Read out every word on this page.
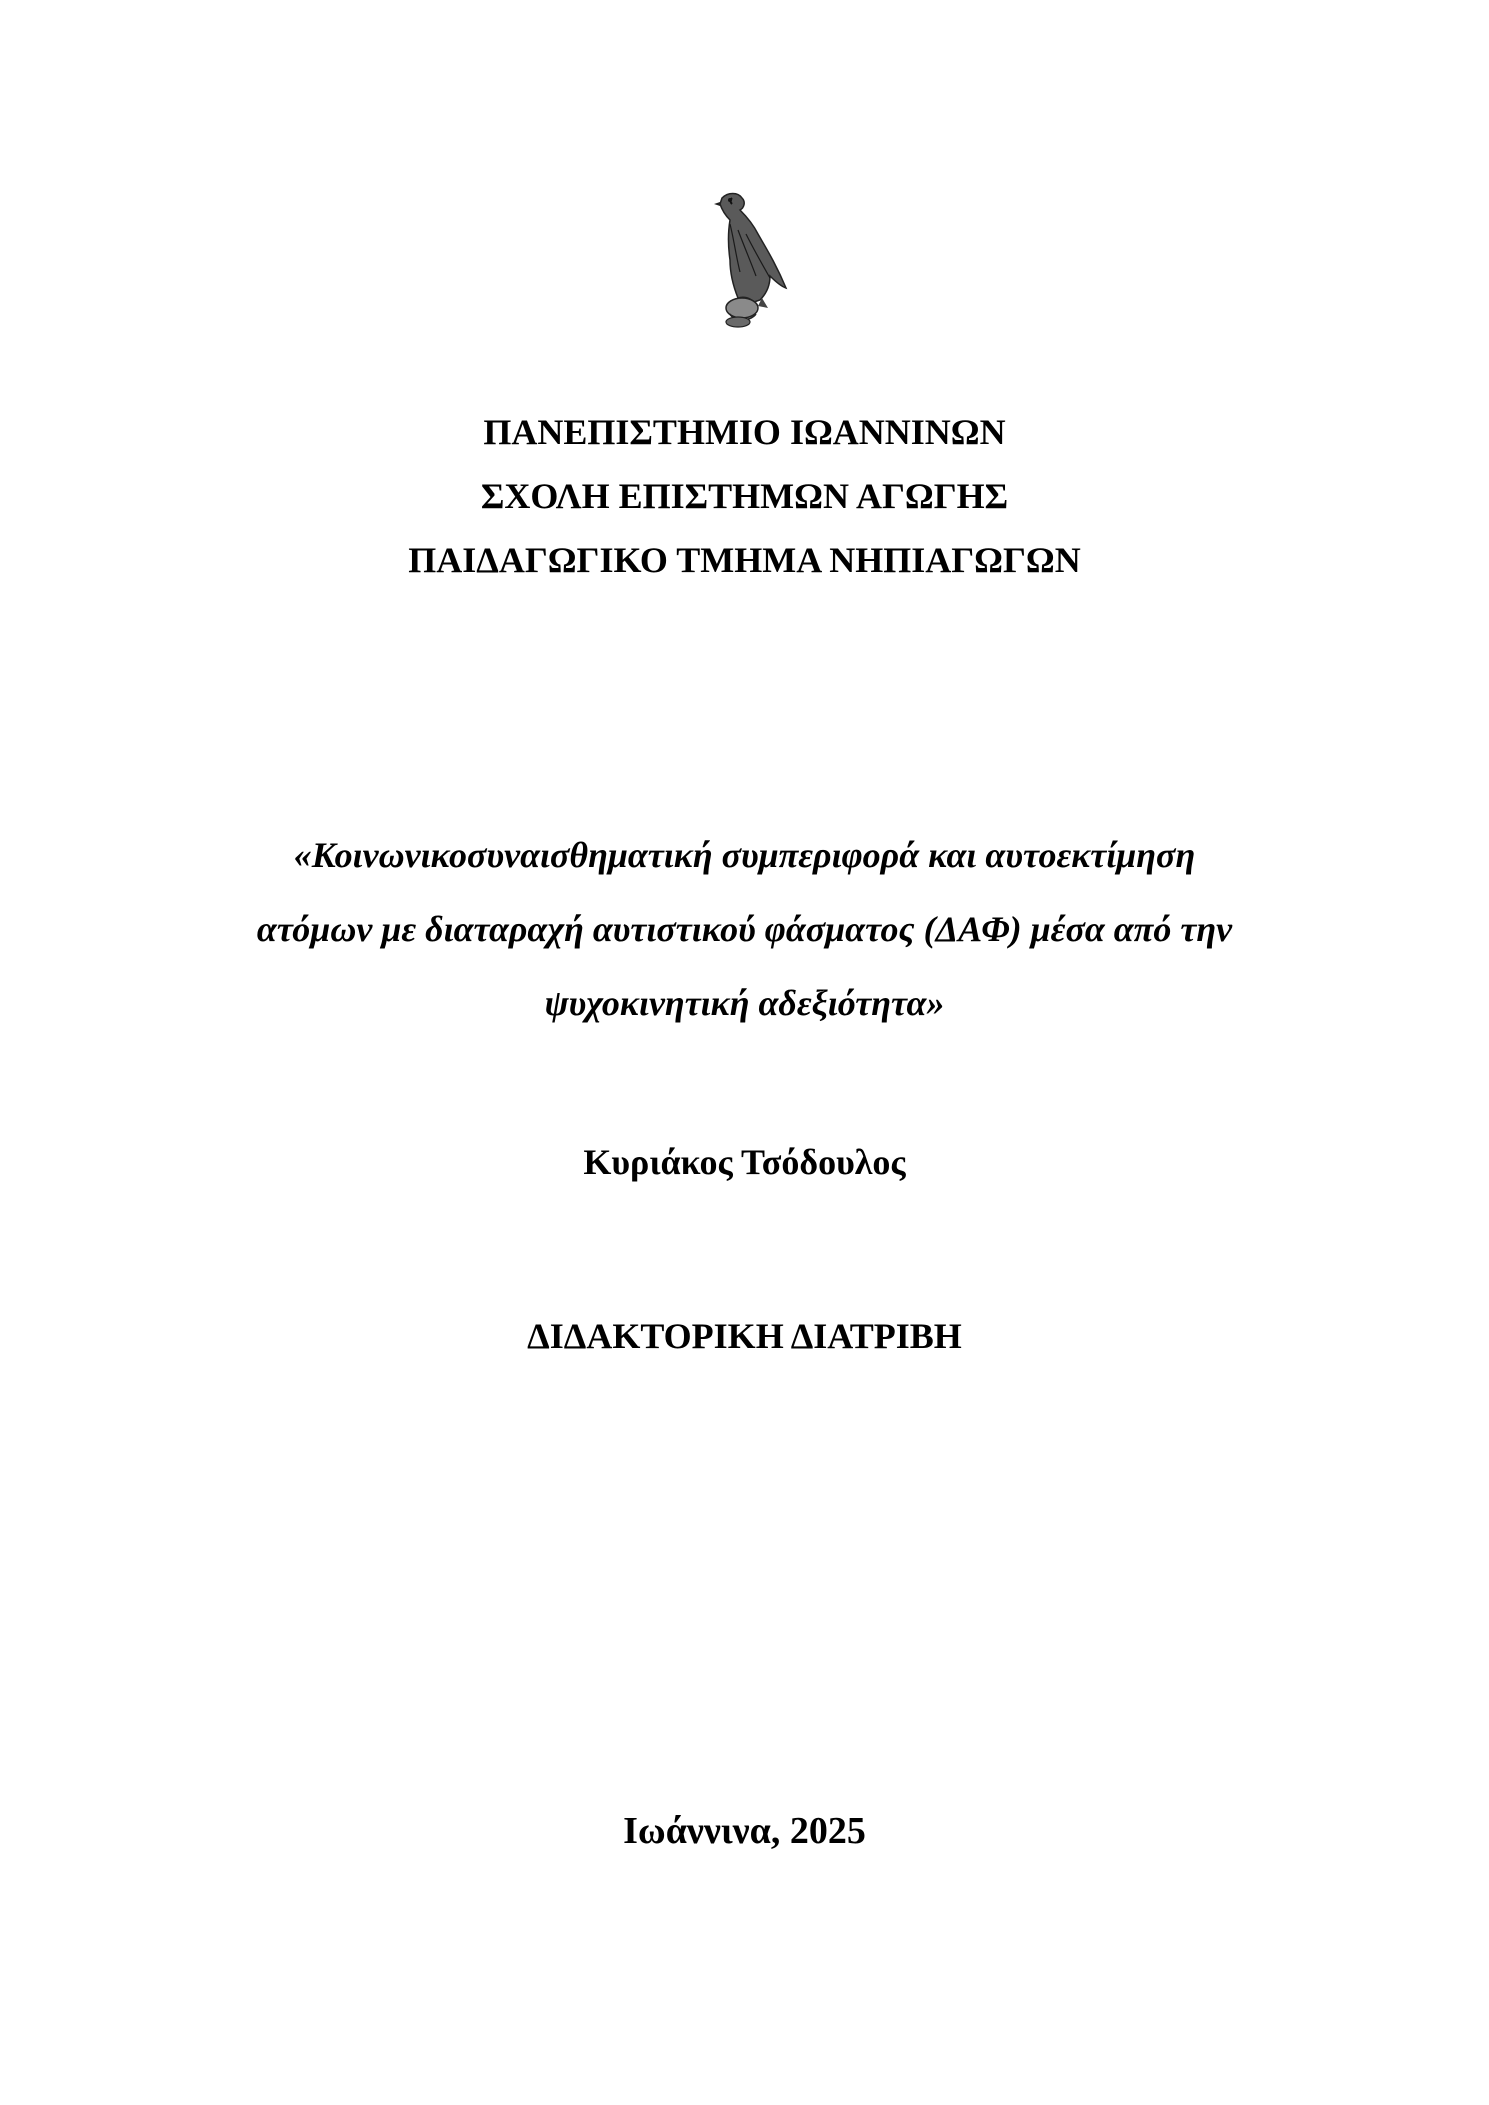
ΠΑΝΕΠΙΣΤΗΜΙΟ ΙΩΑΝΝΙΝΩΝ
ΣΧΟΛΗ ΕΠΙΣΤΗΜΩΝ ΑΓΩΓΗΣ
ΠΑΙΔΑΓΩΓΙΚΟ ΤΜΗΜΑ ΝΗΠΙΑΓΩΓΩΝ
«Κοινωνικοσυναισθηματική συμπεριφορά και αυτοεκτίμηση
ατόμων με διαταραχή αυτιστικού φάσματος (ΔΑΦ) μέσα από την
ψυχοκινητική αδεξιότητα»
Κυριάκος Τσόδουλος
ΔΙΔΑΚΤΟΡΙΚΗ ΔΙΑΤΡΙΒΗ
Ιωάννινα, 2025
